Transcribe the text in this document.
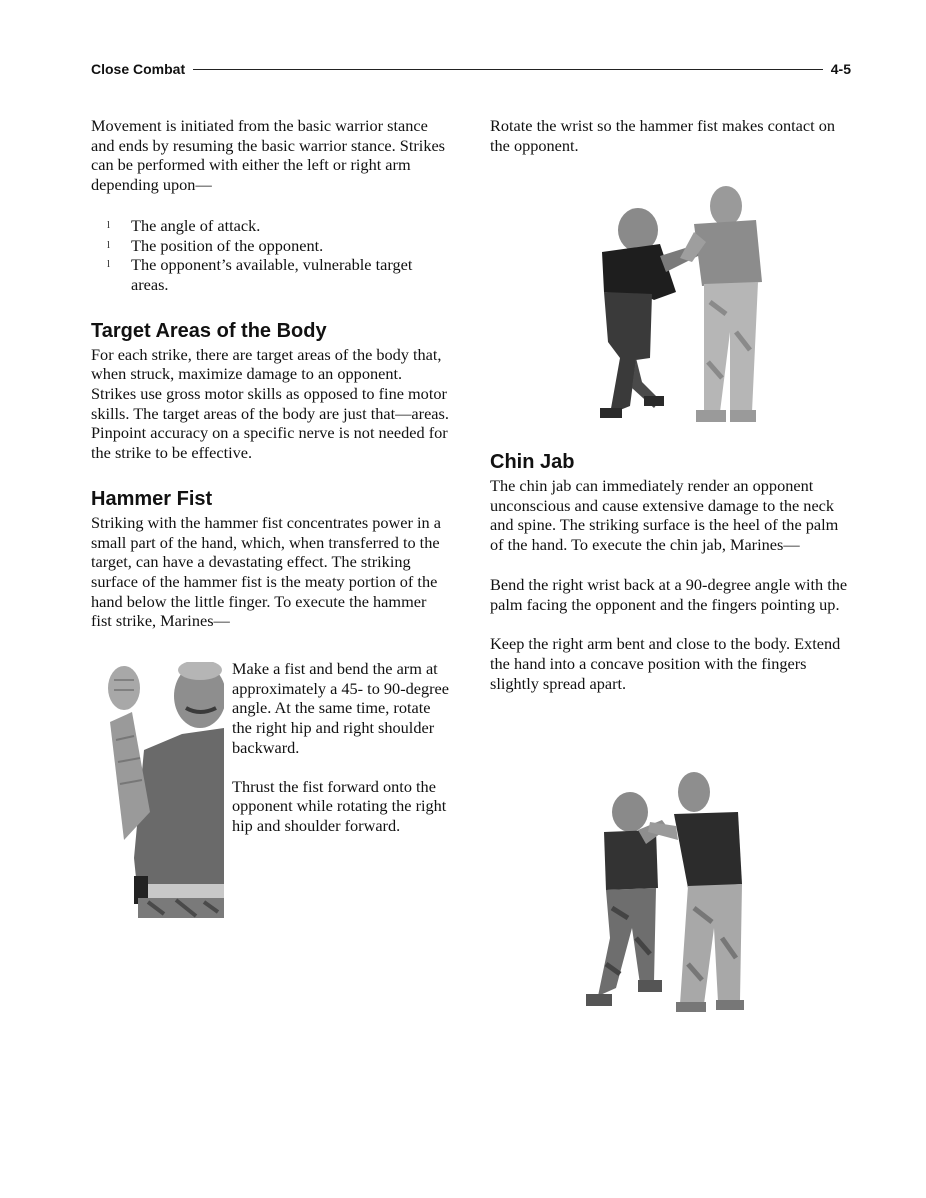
Close Combat	4-5

Movement is initiated from the basic warrior stance and ends by resuming the basic warrior stance. Strikes can be performed with either the left or right arm depending upon—

l The angle of attack.
l The position of the opponent.
l The opponent’s available, vulnerable target areas.
Target Areas of the Body

For each strike, there are target areas of the body that, when struck, maximize damage to an opponent. Strikes use gross motor skills as opposed to fine motor skills. The target areas of the body are just that—areas. Pinpoint accuracy on a specific nerve is not needed for the strike to be effective.

Hammer Fist

Striking with the hammer fist concentrates power in a small part of the hand, which, when transferred to the target, can have a devastating effect. The striking surface of the hammer fist is the meaty portion of the hand below the little finger. To execute the hammer fist strike, Marines—

Make a fist and bend the arm at approximately a 45- to 90-degree angle. At the same time, rotate the right hip and right shoulder backward.

Thrust the fist forward onto the opponent while rotating the right hip and shoulder forward.

Rotate the wrist so the hammer fist makes contact on the opponent.

Chin Jab

The chin jab can immediately render an opponent unconscious and cause extensive damage to the neck and spine. The striking surface is the heel of the palm of the hand. To execute the chin jab, Marines—

Bend the right wrist back at a 90-degree angle with the palm facing the opponent and the fingers pointing up.

Keep the right arm bent and close to the body. Extend the hand into a concave position with the fingers slightly spread apart.
